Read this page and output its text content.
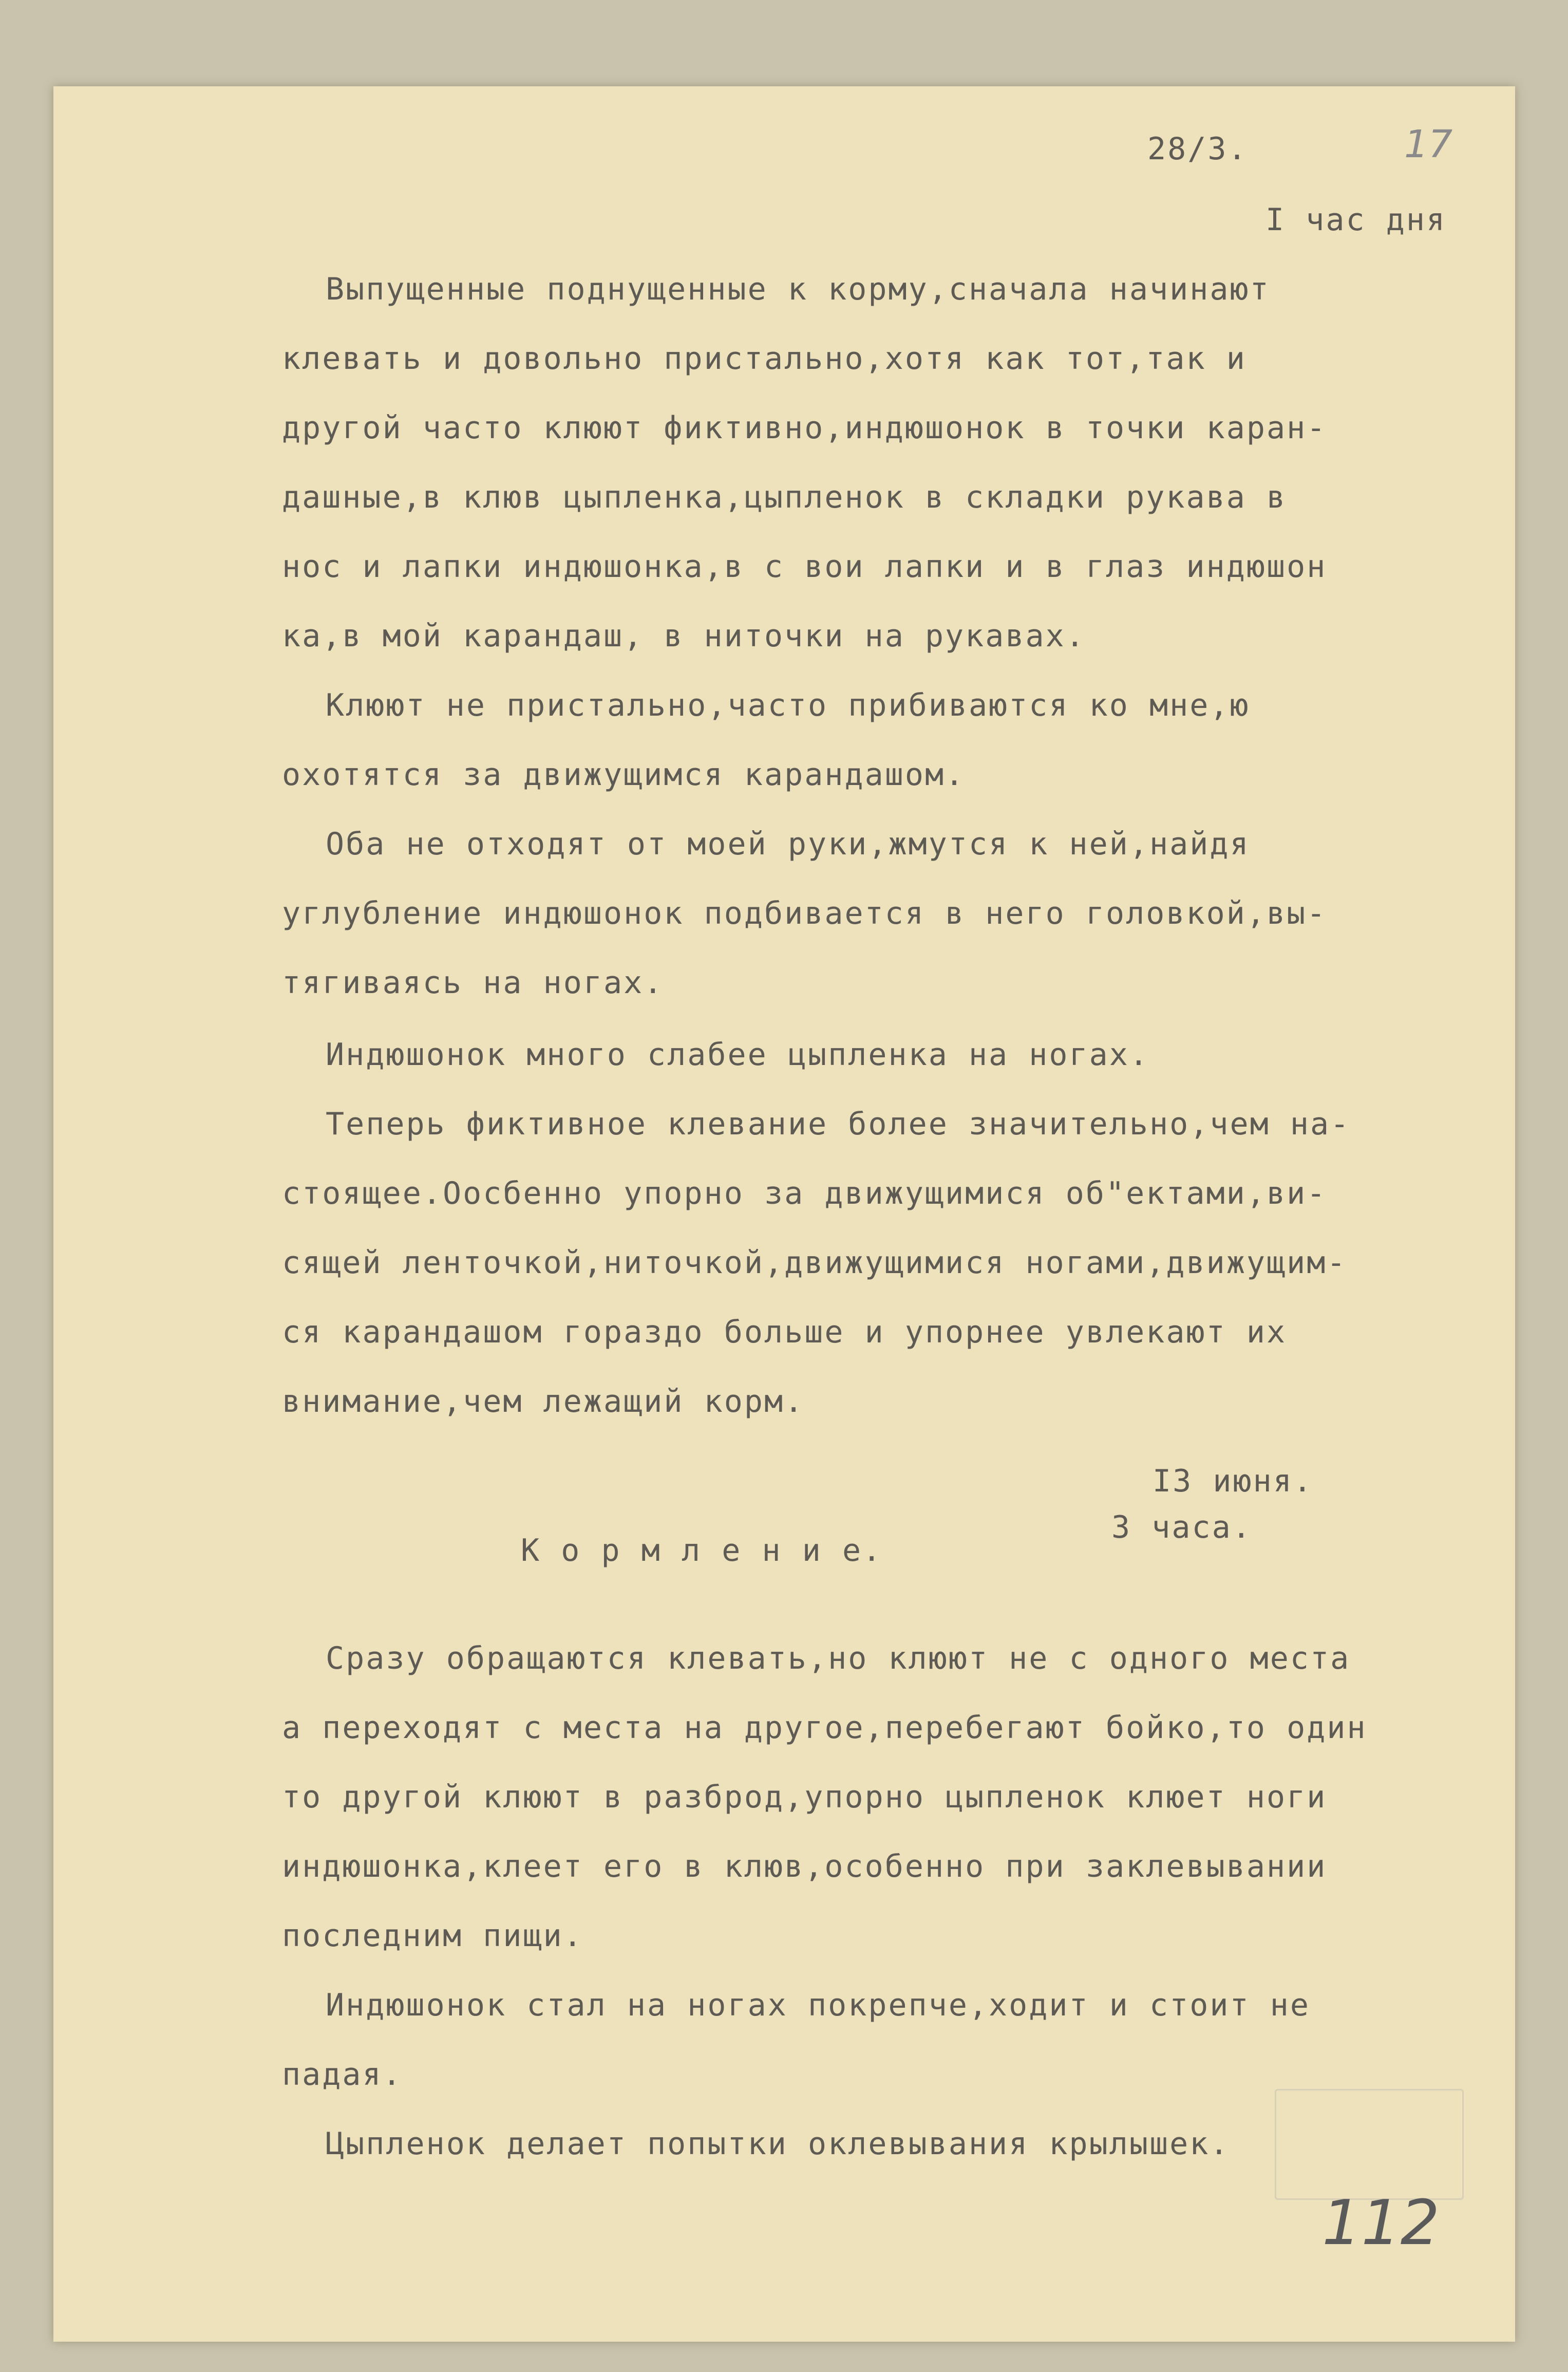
28/3.	17
I час дня
Выпущенные поднущенные к корму,сначала начинают
клевать и довольно пристально,хотя как тот,так и
другой часто клюют фиктивно,индюшонок в точки каран-
дашные,в клюв цыпленка,цыпленок в складки рукава в
нос и лапки индюшонка,в с вои лапки и в глаз индюшон
ка,в мой карандаш, в ниточки на рукавах.
Клюют не пристально,часто прибиваются ко мне,ю
охотятся за движущимся карандашом.
Оба не отходят от моей руки,жмутся к ней,найдя
углубление индюшонок подбивается в него головкой,вы-
тягиваясь на ногах.
Индюшонок много слабее цыпленка на ногах.
Теперь фиктивное клевание более значительно,чем на-
стоящее.Оосбенно упорно за движущимися об"ектами,ви-
сящей ленточкой,ниточкой,движущимися ногами,движущим-
ся карандашом гораздо больше и упорнее увлекают их
внимание,чем лежащий корм.
I3 июня.
3 часа.
К о р м л е н и е.
Сразу обращаются клевать,но клюют не с одного места
а переходят с места на другое,перебегают бойко,то один
то другой клюют в разброд,упорно цыпленок клюет ноги
индюшонка,клеет его в клюв,особенно при заклевывании
последним пищи.
Индюшонок стал на ногах покрепче,ходит и стоит не
падая.
Цыпленок делает попытки оклевывания крылышек.
112
